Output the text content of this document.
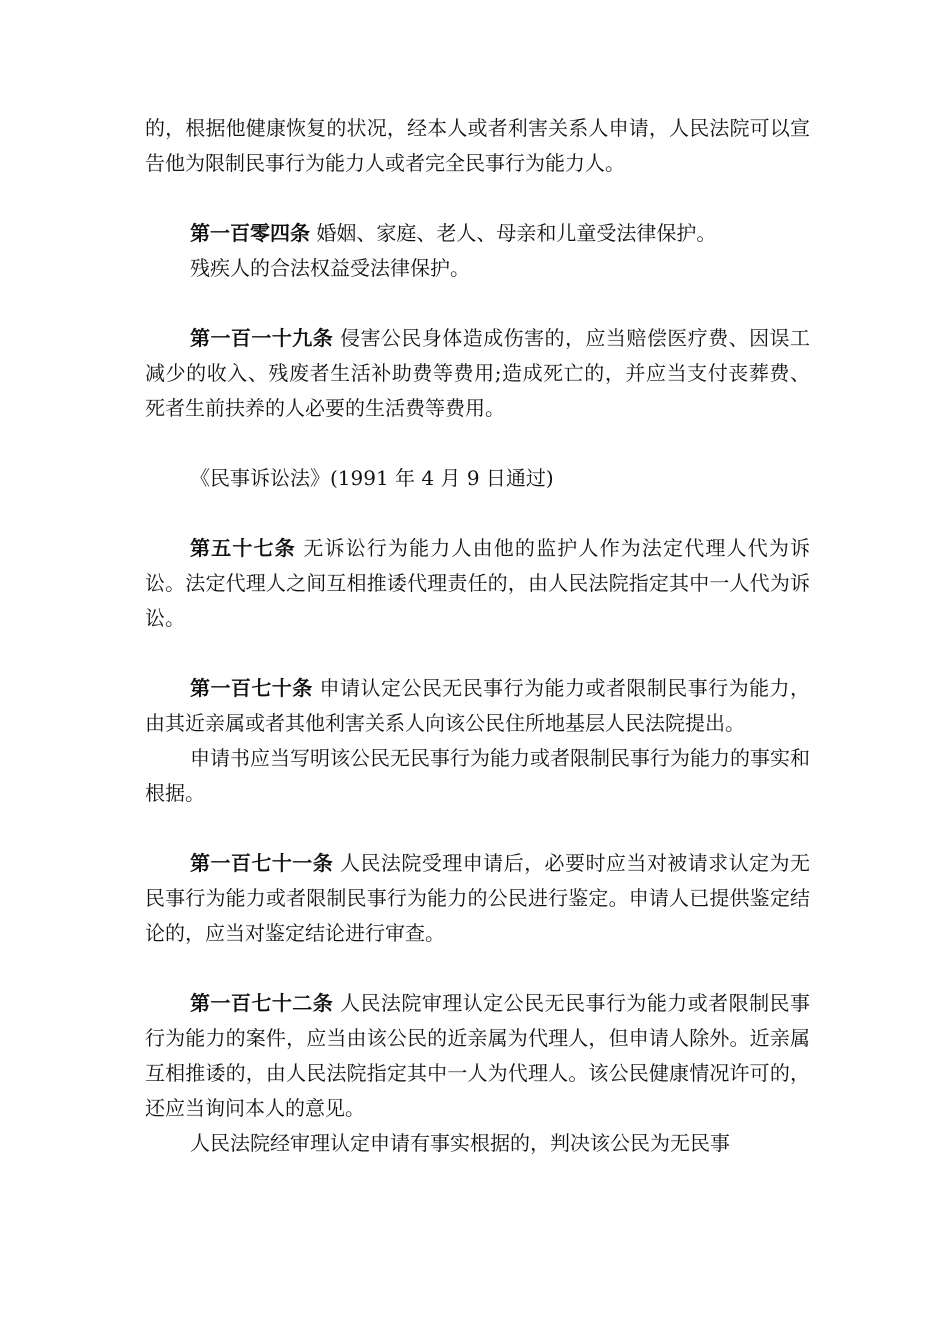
的，根据他健康恢复的状况，经本人或者利害关系人申请，人民法院可以宣告他为限制民事行为能力人或者完全民事行为能力人。

第一百零四条 婚姻、家庭、老人、母亲和儿童受法律保护。

残疾人的合法权益受法律保护。

第一百一十九条 侵害公民身体造成伤害的，应当赔偿医疗费、因误工减少的收入、残废者生活补助费等费用;造成死亡的，并应当支付丧葬费、死者生前扶养的人必要的生活费等费用。

《民事诉讼法》(1991 年 4 月 9 日通过)

第五十七条 无诉讼行为能力人由他的监护人作为法定代理人代为诉讼。法定代理人之间互相推诿代理责任的，由人民法院指定其中一人代为诉讼。

第一百七十条 申请认定公民无民事行为能力或者限制民事行为能力，由其近亲属或者其他利害关系人向该公民住所地基层人民法院提出。

申请书应当写明该公民无民事行为能力或者限制民事行为能力的事实和根据。

第一百七十一条 人民法院受理申请后，必要时应当对被请求认定为无民事行为能力或者限制民事行为能力的公民进行鉴定。申请人已提供鉴定结论的，应当对鉴定结论进行审查。

第一百七十二条 人民法院审理认定公民无民事行为能力或者限制民事行为能力的案件，应当由该公民的近亲属为代理人，但申请人除外。近亲属互相推诿的，由人民法院指定其中一人为代理人。该公民健康情况许可的，还应当询问本人的意见。

人民法院经审理认定申请有事实根据的，判决该公民为无民事
